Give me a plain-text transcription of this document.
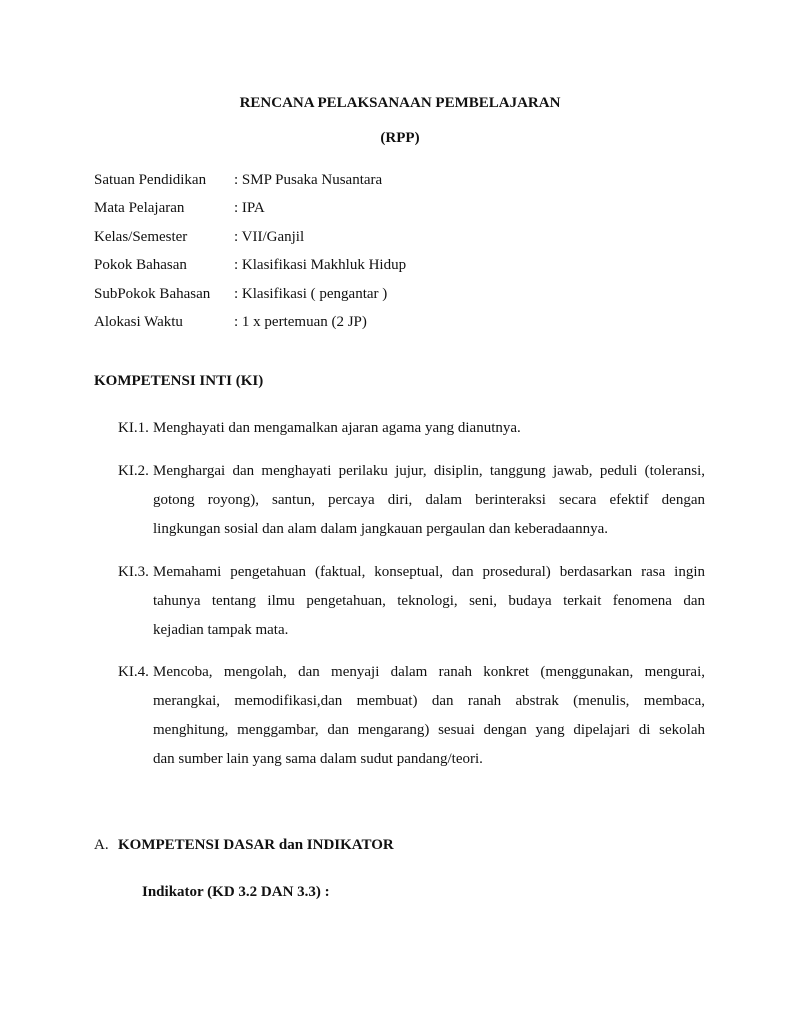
RENCANA PELAKSANAAN PEMBELAJARAN
(RPP)
Satuan Pendidikan	: SMP Pusaka Nusantara
Mata Pelajaran	: IPA
Kelas/Semester	: VII/Ganjil
Pokok Bahasan	: Klasifikasi Makhluk Hidup
SubPokok Bahasan	: Klasifikasi ( pengantar )
Alokasi Waktu	: 1 x pertemuan (2 JP)
KOMPETENSI INTI (KI)
KI.1. Menghayati dan mengamalkan ajaran agama yang dianutnya.
KI.2. Menghargai dan menghayati perilaku jujur, disiplin, tanggung jawab, peduli (toleransi,
gotong royong), santun, percaya diri, dalam berinteraksi secara efektif dengan
lingkungan sosial dan alam dalam jangkauan pergaulan dan keberadaannya.
KI.3. Memahami pengetahuan (faktual, konseptual, dan prosedural) berdasarkan rasa ingin
tahunya tentang ilmu pengetahuan, teknologi, seni, budaya terkait fenomena dan
kejadian tampak mata.
KI.4. Mencoba, mengolah, dan menyaji dalam ranah konkret (menggunakan, mengurai,
merangkai, memodifikasi,dan membuat) dan ranah abstrak (menulis, membaca,
menghitung, menggambar, dan mengarang) sesuai dengan yang dipelajari di sekolah
dan sumber lain yang sama dalam sudut pandang/teori.
A. KOMPETENSI DASAR dan INDIKATOR
Indikator (KD 3.2 DAN 3.3) :
